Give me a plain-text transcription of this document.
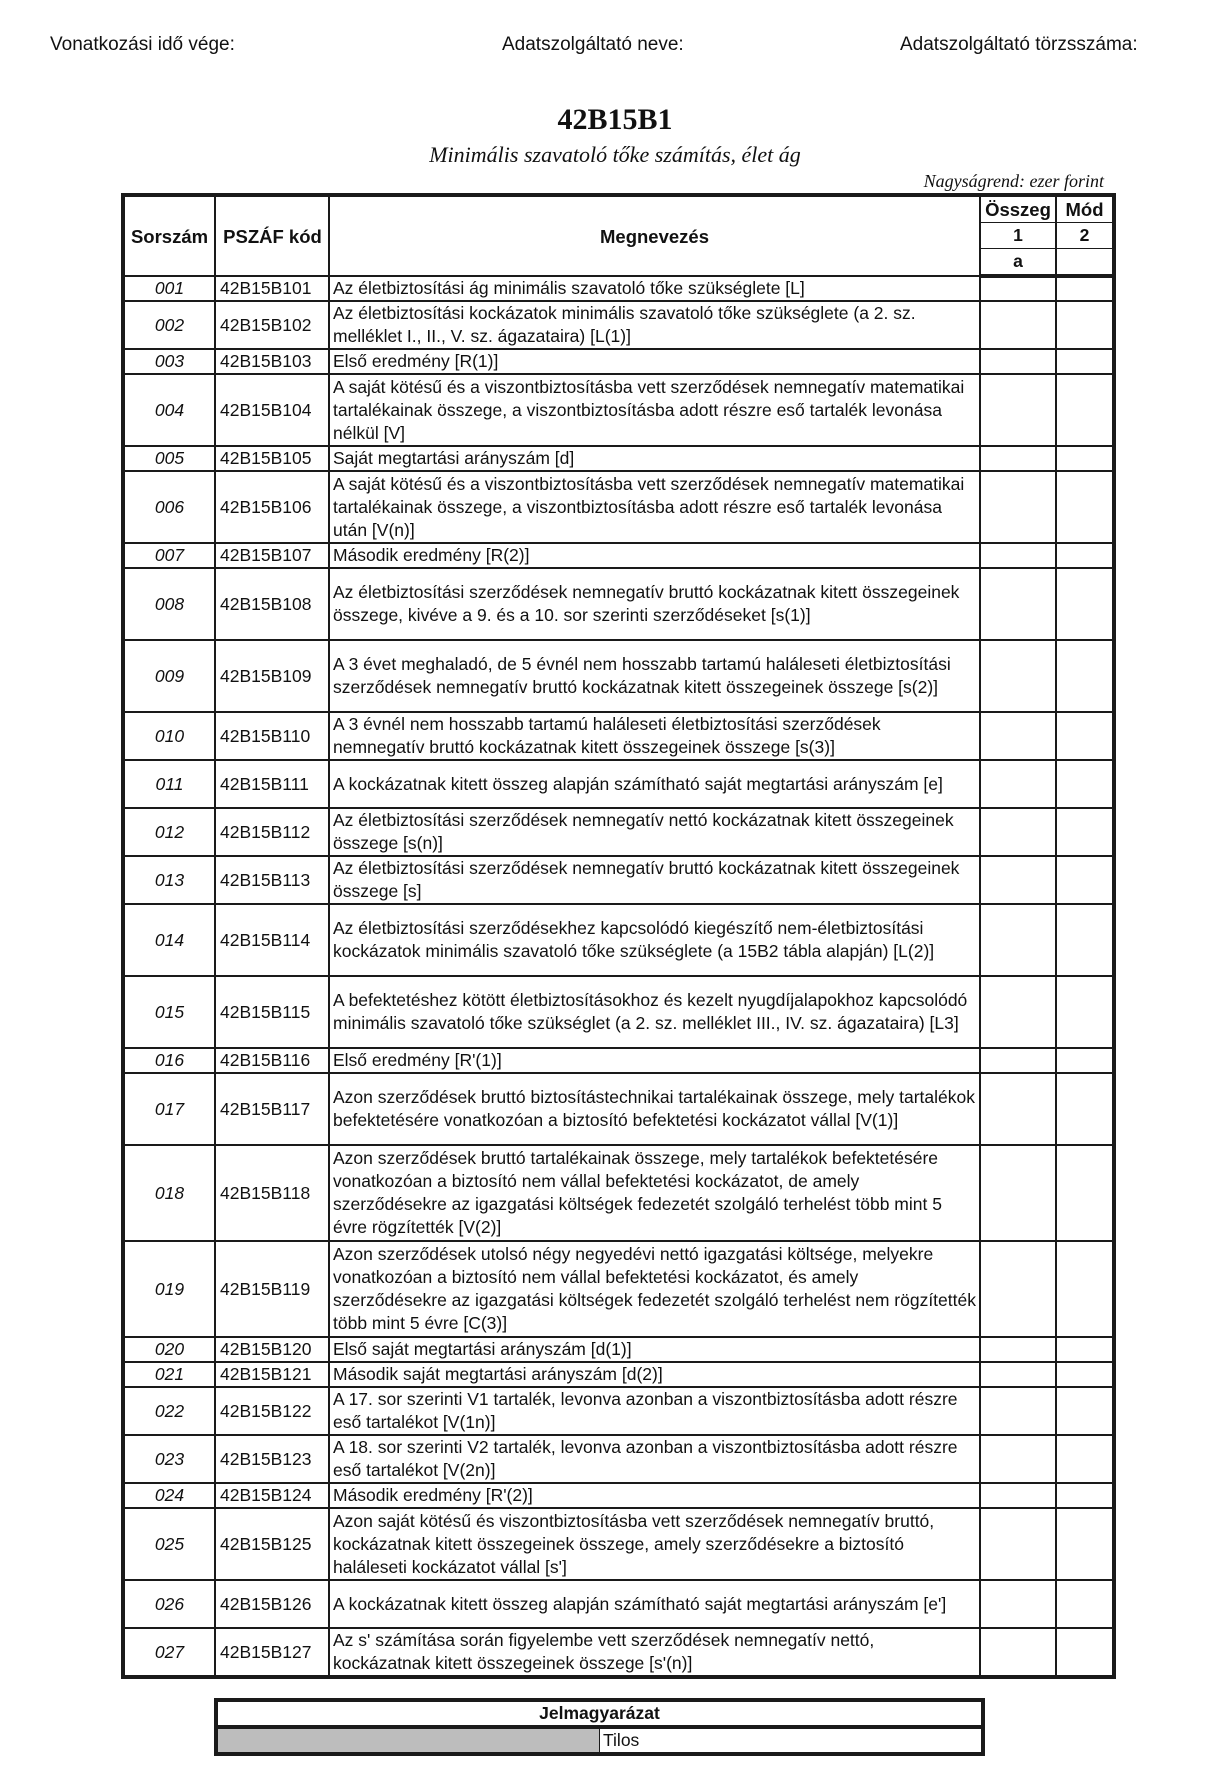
Vonatkozási idő vége:	Adatszolgáltató neve:	Adatszolgáltató törzsszáma:
42B15B1
Minimális szavatoló tőke számítás, élet ág
Nagyságrend: ezer forint
Sorszám	PSZÁF kód	Megnevezés	Összeg	Mód
			1	2
			a	
001	42B15B101	Az életbiztosítási ág minimális szavatoló tőke szükséglete [L]		
002	42B15B102	Az életbiztosítási kockázatok minimális szavatoló tőke szükséglete (a 2. sz. melléklet I., II., V. sz. ágazataira) [L(1)]		
003	42B15B103	Első eredmény [R(1)]		
004	42B15B104	A saját kötésű és a viszontbiztosításba vett szerződések nemnegatív matematikai tartalékainak összege, a viszontbiztosításba adott részre eső tartalék levonása nélkül [V]		
005	42B15B105	Saját megtartási arányszám [d]		
006	42B15B106	A saját kötésű és a viszontbiztosításba vett szerződések nemnegatív matematikai tartalékainak összege, a viszontbiztosításba adott részre eső tartalék levonása után [V(n)]		
007	42B15B107	Második eredmény [R(2)]		
008	42B15B108	Az életbiztosítási szerződések nemnegatív bruttó kockázatnak kitett összegeinek összege, kivéve a 9. és a 10. sor szerinti szerződéseket [s(1)]		
009	42B15B109	A 3 évet meghaladó, de 5 évnél nem hosszabb tartamú haláleseti életbiztosítási szerződések nemnegatív bruttó kockázatnak kitett összegeinek összege [s(2)]		
010	42B15B110	A 3 évnél nem hosszabb tartamú haláleseti életbiztosítási szerződések nemnegatív bruttó kockázatnak kitett összegeinek összege [s(3)]		
011	42B15B111	A kockázatnak kitett összeg alapján számítható saját megtartási arányszám [e]		
012	42B15B112	Az életbiztosítási szerződések nemnegatív nettó kockázatnak kitett összegeinek összege [s(n)]		
013	42B15B113	Az életbiztosítási szerződések nemnegatív bruttó kockázatnak kitett összegeinek összege [s]		
014	42B15B114	Az életbiztosítási szerződésekhez kapcsolódó kiegészítő nem-életbiztosítási kockázatok minimális szavatoló tőke szükséglete (a 15B2 tábla alapján) [L(2)]		
015	42B15B115	A befektetéshez kötött életbiztosításokhoz és kezelt nyugdíjalapokhoz kapcsolódó minimális szavatoló tőke szükséglet (a 2. sz. melléklet III., IV. sz. ágazataira) [L3]		
016	42B15B116	Első eredmény [R'(1)]		
017	42B15B117	Azon szerződések bruttó biztosítástechnikai tartalékainak összege, mely tartalékok befektetésére vonatkozóan a biztosító befektetési kockázatot vállal [V(1)]		
018	42B15B118	Azon szerződések bruttó tartalékainak összege, mely tartalékok befektetésére vonatkozóan a biztosító nem vállal befektetési kockázatot, de amely szerződésekre az igazgatási költségek fedezetét szolgáló terhelést több mint 5 évre rögzítették [V(2)]		
019	42B15B119	Azon szerződések utolsó négy negyedévi nettó igazgatási költsége, melyekre vonatkozóan a biztosító nem vállal befektetési kockázatot, és amely szerződésekre az igazgatási költségek fedezetét szolgáló terhelést nem rögzítették több mint 5 évre [C(3)]		
020	42B15B120	Első saját megtartási arányszám [d(1)]		
021	42B15B121	Második saját megtartási arányszám [d(2)]		
022	42B15B122	A 17. sor szerinti V1 tartalék, levonva azonban a viszontbiztosításba adott részre eső tartalékot [V(1n)]		
023	42B15B123	A 18. sor szerinti V2 tartalék, levonva azonban a viszontbiztosításba adott részre eső tartalékot [V(2n)]		
024	42B15B124	Második eredmény [R'(2)]		
025	42B15B125	Azon saját kötésű és viszontbiztosításba vett szerződések nemnegatív bruttó, kockázatnak kitett összegeinek összege, amely szerződésekre a biztosító haláleseti kockázatot vállal [s']		
026	42B15B126	A kockázatnak kitett összeg alapján számítható saját megtartási arányszám [e']		
027	42B15B127	Az s' számítása során figyelembe vett szerződések nemnegatív nettó, kockázatnak kitett összegeinek összege [s'(n)]		
Jelmagyarázat
	Tilos
